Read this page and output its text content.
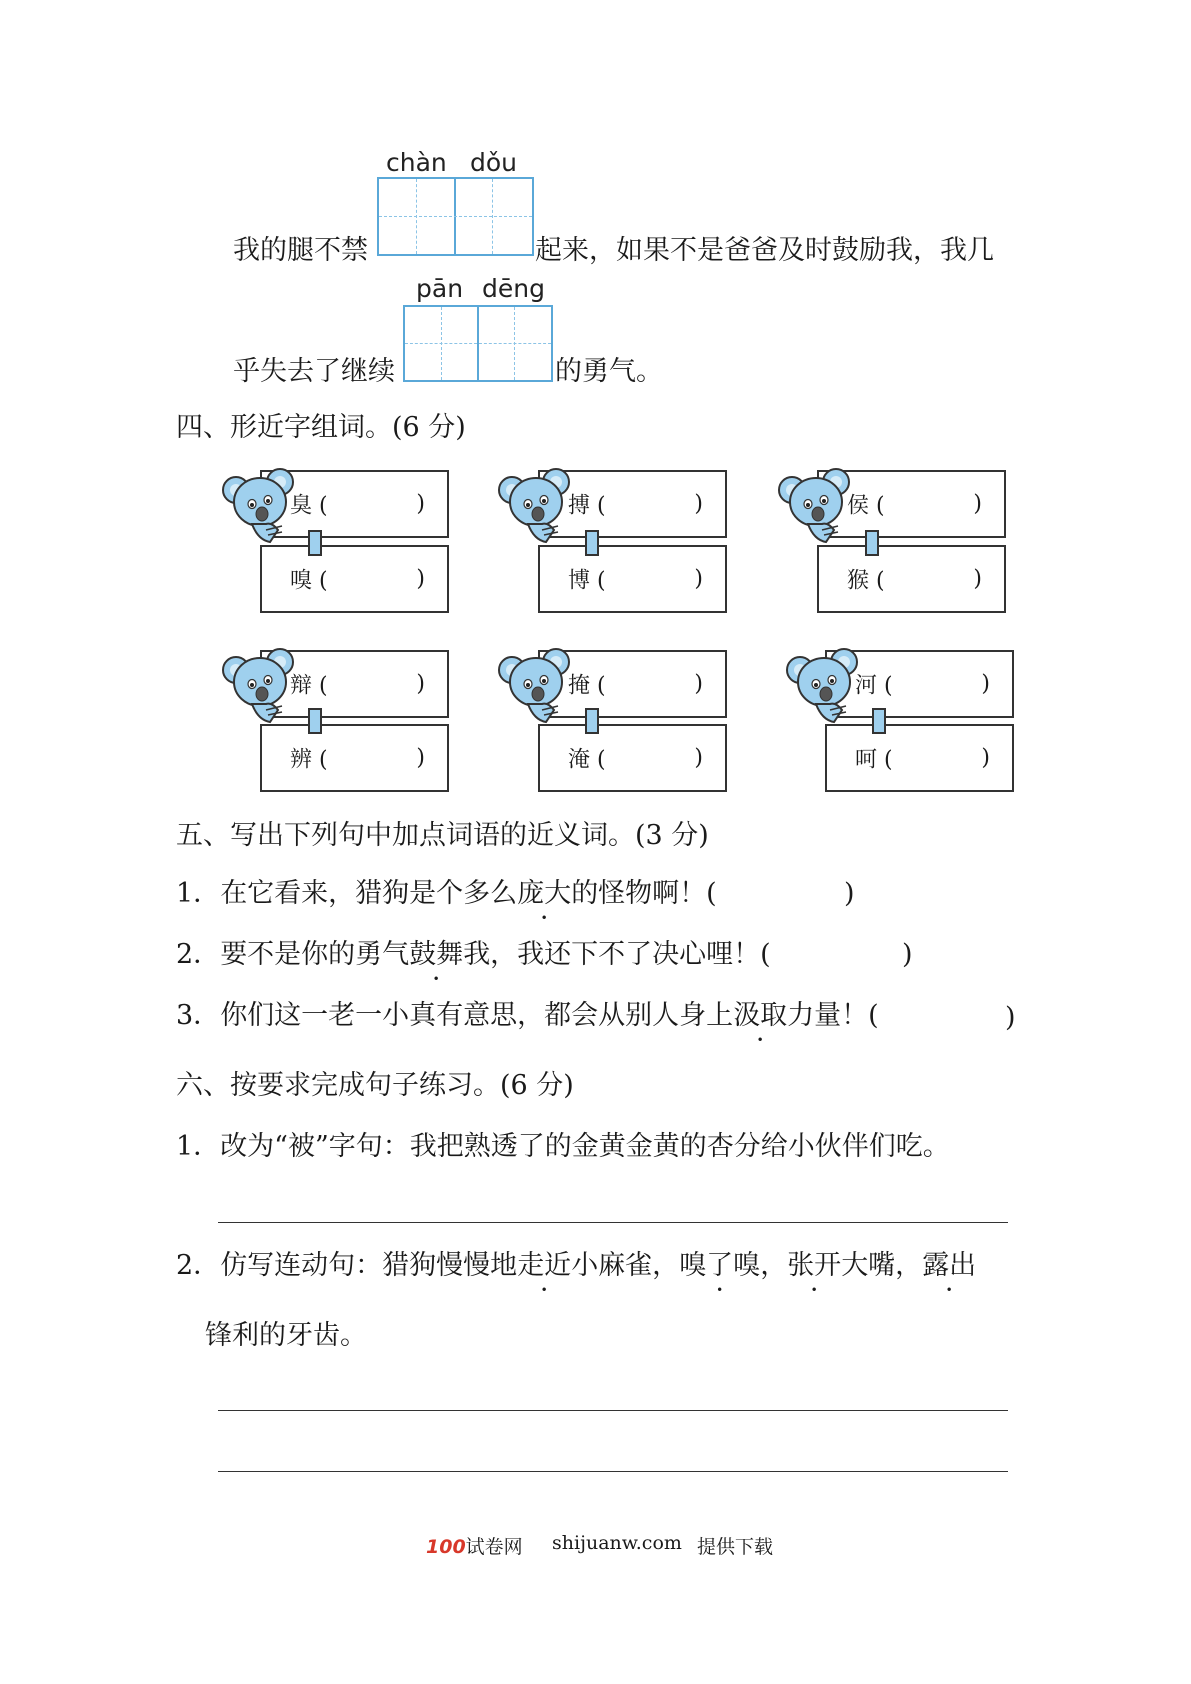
chàn dǒu
我的腿不禁	起来，如果不是爸爸及时鼓励我，我几
pān dēng
乎失去了继续	的勇气。
四、形近字组词。(6 分)
臭 (	)
嗅 (	)
搏 (	)
博 (	)
侯 (	)
猴 (	)
辩 (	)
辨 (	)
掩 (	)
淹 (	)
河 (	)
呵 (	)
五、写出下列句中加点词语的近义词。(3 分)
1．在它看来，猎狗是个多么庞大的怪物啊！(	)
2．要不是你的勇气鼓舞我，我还下不了决心哩！(	)
3．你们这一老一小真有意思，都会从别人身上汲取力量！(	)
六、按要求完成句子练习。(6 分)
1．改为“被”字句：我把熟透了的金黄金黄的杏分给小伙伴们吃。
2．仿写连动句：猎狗慢慢地走近小麻雀，嗅了嗅，张开大嘴，露出
锋利的牙齿。
100试卷网 shijuanw.com 提供下载
